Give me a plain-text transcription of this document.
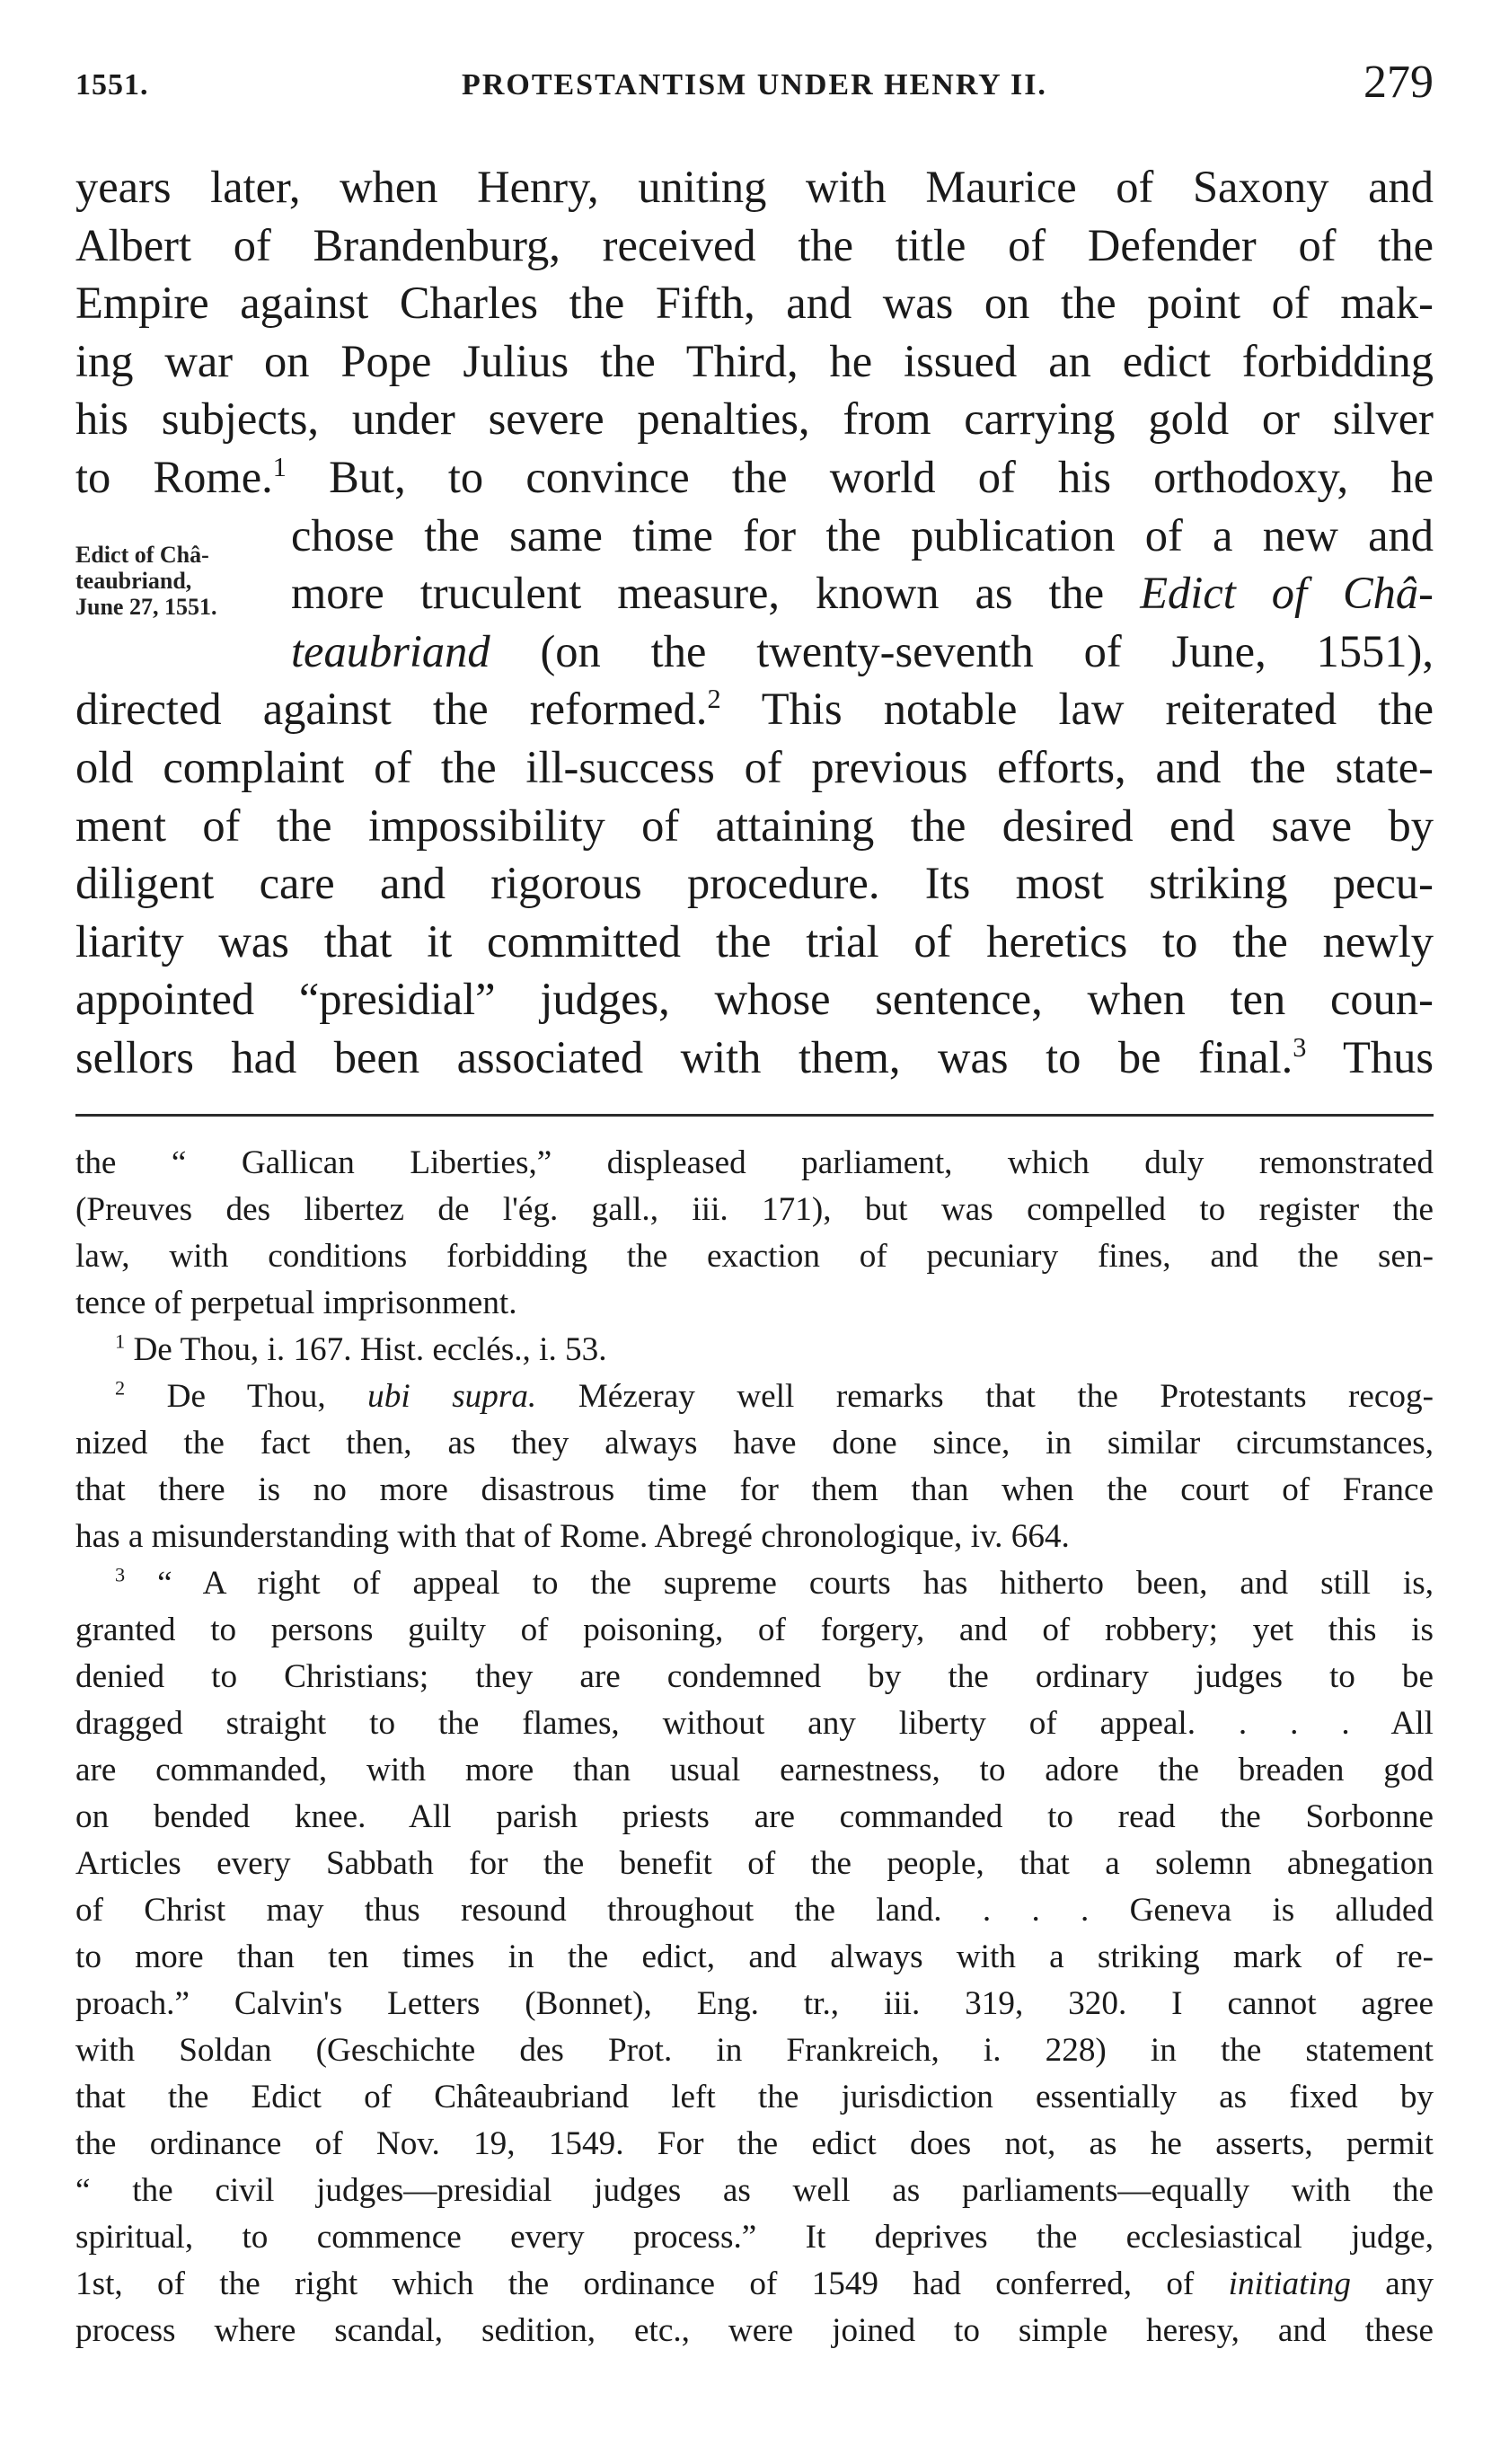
1551.	PROTESTANTISM UNDER HENRY II.	279
years later, when Henry, uniting with Maurice of Saxony and
Albert of Brandenburg, received the title of Defender of the
Empire against Charles the Fifth, and was on the point of mak-
ing war on Pope Julius the Third, he issued an edict forbidding
his subjects, under severe penalties, from carrying gold or silver
to Rome.$^1$ But, to convince the world of his orthodoxy, he
Edict of Châ-
teaubriand,
June 27, 1551.
chose the same time for the publication of a new and
more truculent measure, known as the Edict of Châ-
teaubriand (on the twenty-seventh of June, 1551),
directed against the reformed.$^2$ This notable law reiterated the
old complaint of the ill-success of previous efforts, and the state-
ment of the impossibility of attaining the desired end save by
diligent care and rigorous procedure. Its most striking pecu-
liarity was that it committed the trial of heretics to the newly
appointed “presidial” judges, whose sentence, when ten coun-
sellors had been associated with them, was to be final.$^3$ Thus
the “ Gallican Liberties,” displeased parliament, which duly remonstrated
(Preuves des libertez de l'ég. gall., iii. 171), but was compelled to register the
law, with conditions forbidding the exaction of pecuniary fines, and the sen-
tence of perpetual imprisonment.
$^1$ De Thou, i. 167. Hist. ecclés., i. 53.
$^2$ De Thou, ubi supra. Mézeray well remarks that the Protestants recog-
nized the fact then, as they always have done since, in similar circumstances,
that there is no more disastrous time for them than when the court of France
has a misunderstanding with that of Rome. Abregé chronologique, iv. 664.
$^3$ “ A right of appeal to the supreme courts has hitherto been, and still is,
granted to persons guilty of poisoning, of forgery, and of robbery; yet this is
denied to Christians; they are condemned by the ordinary judges to be
dragged straight to the flames, without any liberty of appeal. . . . All
are commanded, with more than usual earnestness, to adore the breaden god
on bended knee. All parish priests are commanded to read the Sorbonne
Articles every Sabbath for the benefit of the people, that a solemn abnegation
of Christ may thus resound throughout the land. . . . Geneva is alluded
to more than ten times in the edict, and always with a striking mark of re-
proach.” Calvin's Letters (Bonnet), Eng. tr., iii. 319, 320. I cannot agree
with Soldan (Geschichte des Prot. in Frankreich, i. 228) in the statement
that the Edict of Châteaubriand left the jurisdiction essentially as fixed by
the ordinance of Nov. 19, 1549. For the edict does not, as he asserts, permit
“ the civil judges—presidial judges as well as parliaments—equally with the
spiritual, to commence every process.” It deprives the ecclesiastical judge,
1st, of the right which the ordinance of 1549 had conferred, of initiating any
process where scandal, sedition, etc., were joined to simple heresy, and these
